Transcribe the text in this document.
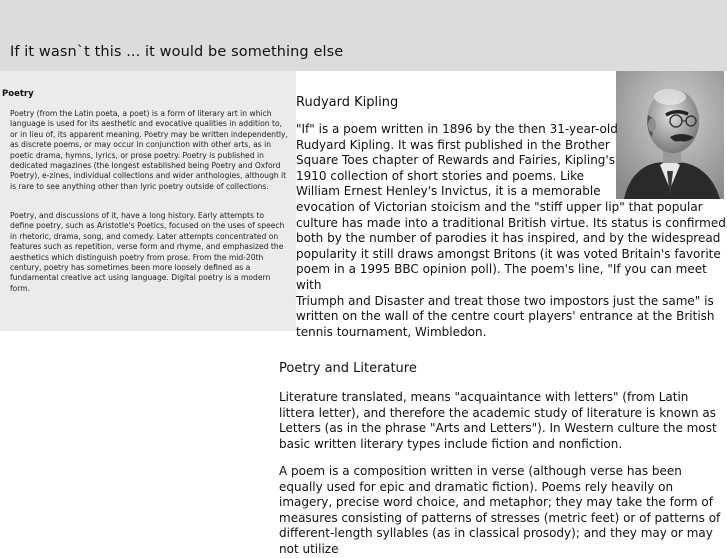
If it wasn`t this ... it would be something else
Poetry

Poetry (from the Latin poeta, a poet) is a form of literary art in which language is used for its aesthetic and evocative qualities in addition to, or in lieu of, its apparent meaning. Poetry may be written independently, as discrete poems, or may occur in conjunction with other arts, as in poetic drama, hymns, lyrics, or prose poetry. Poetry is published in dedicated magazines (the longest established being Poetry and Oxford Poetry), e-zines, individual collections and wider anthologies, although it is rare to see anything other than lyric poetry outside of collections.

Poetry, and discussions of it, have a long history. Early attempts to define poetry, such as Aristotle's Poetics, focused on the uses of speech in rhetoric, drama, song, and comedy. Later attempts concentrated on features such as repetition, verse form and rhyme, and emphasized the aesthetics which distinguish poetry from prose. From the mid-20th century, poetry has sometimes been more loosely defined as a fundamental creative act using language. Digital poetry is a modern form.

Rudyard Kipling

"If" is a poem written in 1896 by the then 31-year-old
Rudyard Kipling. It was first published in the Brother
Square Toes chapter of Rewards and Fairies, Kipling's
1910 collection of short stories and poems. Like
William Ernest Henley's Invictus, it is a memorable
evocation of Victorian stoicism and the "stiff upper lip" that popular
culture has made into a traditional British virtue. Its status is confirmed
both by the number of parodies it has inspired, and by the widespread
popularity it still draws amongst Britons (it was voted Britain's favorite
poem in a 1995 BBC opinion poll). The poem's line, "If you can meet with
Triumph and Disaster and treat those two impostors just the same" is
written on the wall of the centre court players' entrance at the British
tennis tournament, Wimbledon.

Poetry and Literature

Literature translated, means "acquaintance with letters" (from Latin littera letter), and therefore the academic study of literature is known as Letters (as in the phrase "Arts and Letters"). In Western culture the most basic written literary types include fiction and nonfiction.

A poem is a composition written in verse (although verse has been equally used for epic and dramatic fiction). Poems rely heavily on imagery, precise word choice, and metaphor; they may take the form of measures consisting of patterns of stresses (metric feet) or of patterns of different-length syllables (as in classical prosody); and they may or may not utilize
